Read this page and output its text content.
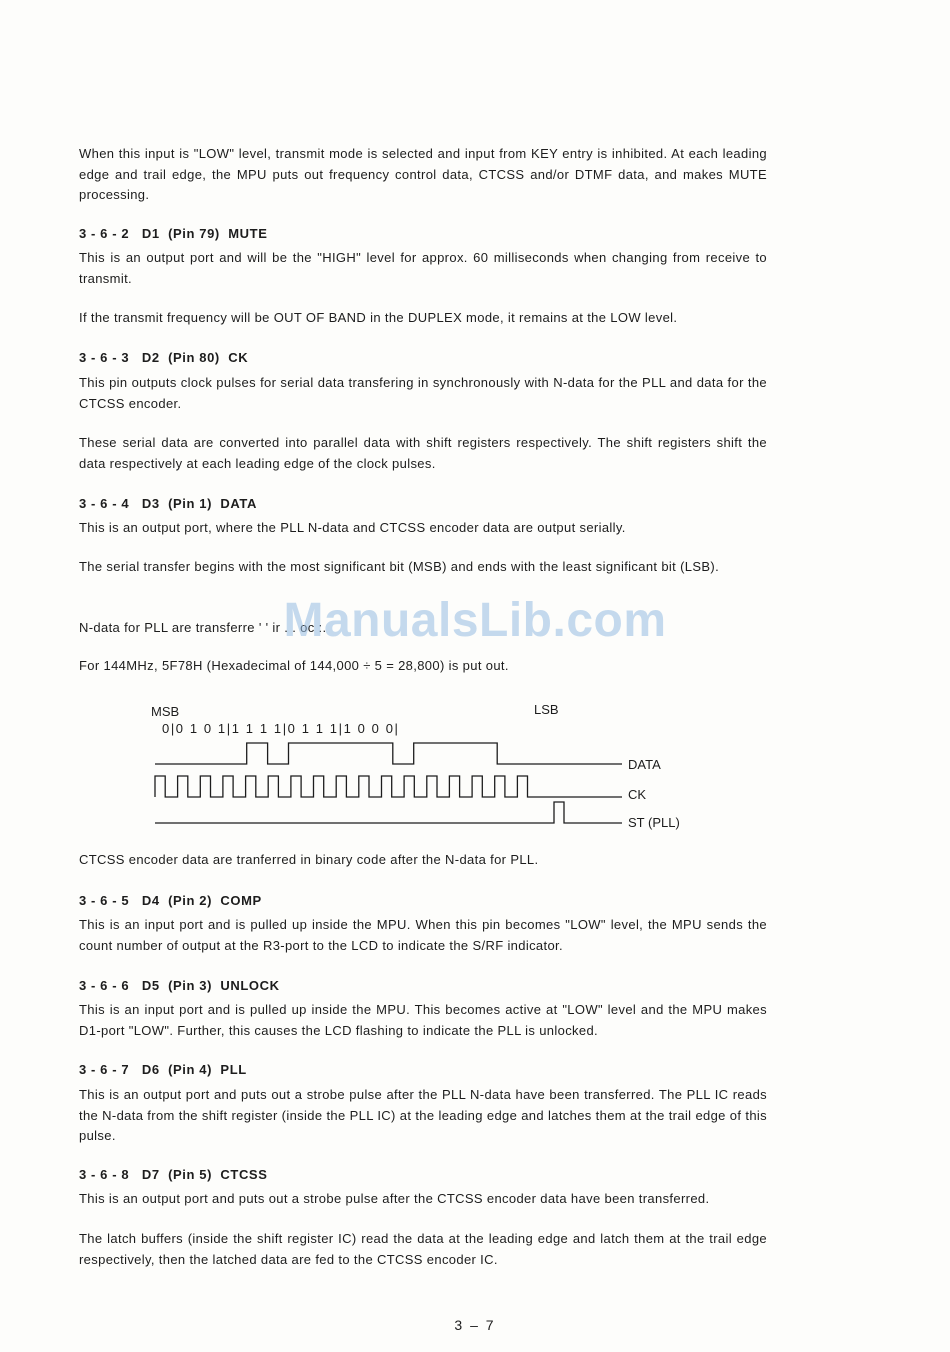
When this input is "LOW" level, transmit mode is selected and input from KEY entry is inhibited. At each leading edge and trail edge, the MPU puts out frequency control data, CTCSS and/or DTMF data, and makes MUTE processing.

3 - 6 - 2   D1  (Pin 79)  MUTE

This is an output port and will be the "HIGH" level for approx. 60 milliseconds when changing from receive to transmit.

If the transmit frequency will be OUT OF BAND in the DUPLEX mode, it remains at the LOW level.

3 - 6 - 3   D2  (Pin 80)  CK

This pin outputs clock pulses for serial data transfering in synchronously with N-data for the PLL and data for the CTCSS encoder.

These serial data are converted into parallel data with shift registers respectively. The shift registers shift the data respectively at each leading edge of the clock pulses.

3 - 6 - 4   D3  (Pin 1)  DATA

This is an output port, where the PLL N-data and CTCSS encoder data are output serially.

The serial transfer begins with the most significant bit (MSB) and ends with the least significant bit (LSB).

N-data for PLL are transferre ' ' ir . . oc :.

For 144MHz, 5F78H (Hexadecimal of 144,000 ÷ 5 = 28,800) is put out.

MSB	LSB
0|0 1 0 1|1 1 1 1|0 1 1 1|1 0 0 0|
DATA
CK
ST (PLL)

CTCSS encoder data are tranferred in binary code after the N-data for PLL.

3 - 6 - 5   D4  (Pin 2)  COMP

This is an input port and is pulled up inside the MPU. When this pin becomes "LOW" level, the MPU sends the count number of output at the R3-port to the LCD to indicate the S/RF indicator.

3 - 6 - 6   D5  (Pin 3)  UNLOCK

This is an input port and is pulled up inside the MPU. This becomes active at "LOW" level and the MPU makes D1-port "LOW". Further, this causes the LCD flashing to indicate the PLL is unlocked.

3 - 6 - 7   D6  (Pin 4)  PLL

This is an output port and puts out a strobe pulse after the PLL N-data have been transferred. The PLL IC reads the N-data from the shift register (inside the PLL IC) at the leading edge and latches them at the trail edge of this pulse.

3 - 6 - 8   D7  (Pin 5)  CTCSS

This is an output port and puts out a strobe pulse after the CTCSS encoder data have been transferred.

The latch buffers (inside the shift register IC) read the data at the leading edge and latch them at the trail edge respectively, then the latched data are fed to the CTCSS encoder IC.

ManualsLib.com
3 – 7
